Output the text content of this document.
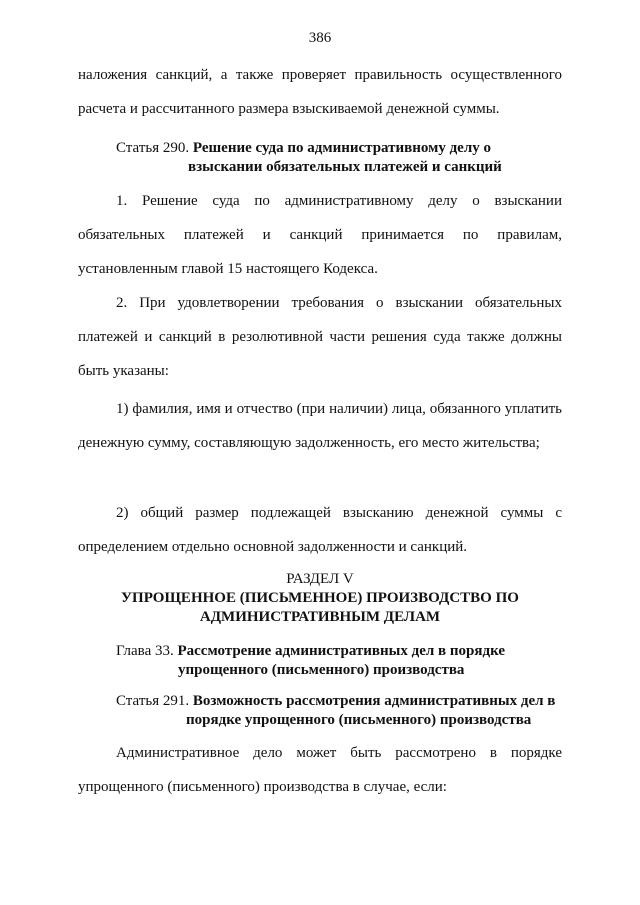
386
наложения санкций, а также проверяет правильность осуществленного расчета и рассчитанного размера взыскиваемой денежной суммы.
Статья 290. Решение суда по административному делу о
взыскании обязательных платежей и санкций
1. Решение суда по административному делу о взыскании обязательных платежей и санкций принимается по правилам, установленным главой 15 настоящего Кодекса.
2. При удовлетворении требования о взыскании обязательных платежей и санкций в резолютивной части решения суда также должны быть указаны:
1) фамилия, имя и отчество (при наличии) лица, обязанного уплатить денежную сумму, составляющую задолженность, его место жительства;
2) общий размер подлежащей взысканию денежной суммы с определением отдельно основной задолженности и санкций.
РАЗДЕЛ V
УПРОЩЕННОЕ (ПИСЬМЕННОЕ) ПРОИЗВОДСТВО ПО
АДМИНИСТРАТИВНЫМ ДЕЛАМ
Глава 33. Рассмотрение административных дел в порядке
упрощенного (письменного) производства
Статья 291. Возможность рассмотрения административных дел в
порядке упрощенного (письменного) производства
Административное дело может быть рассмотрено в порядке упрощенного (письменного) производства в случае, если:
